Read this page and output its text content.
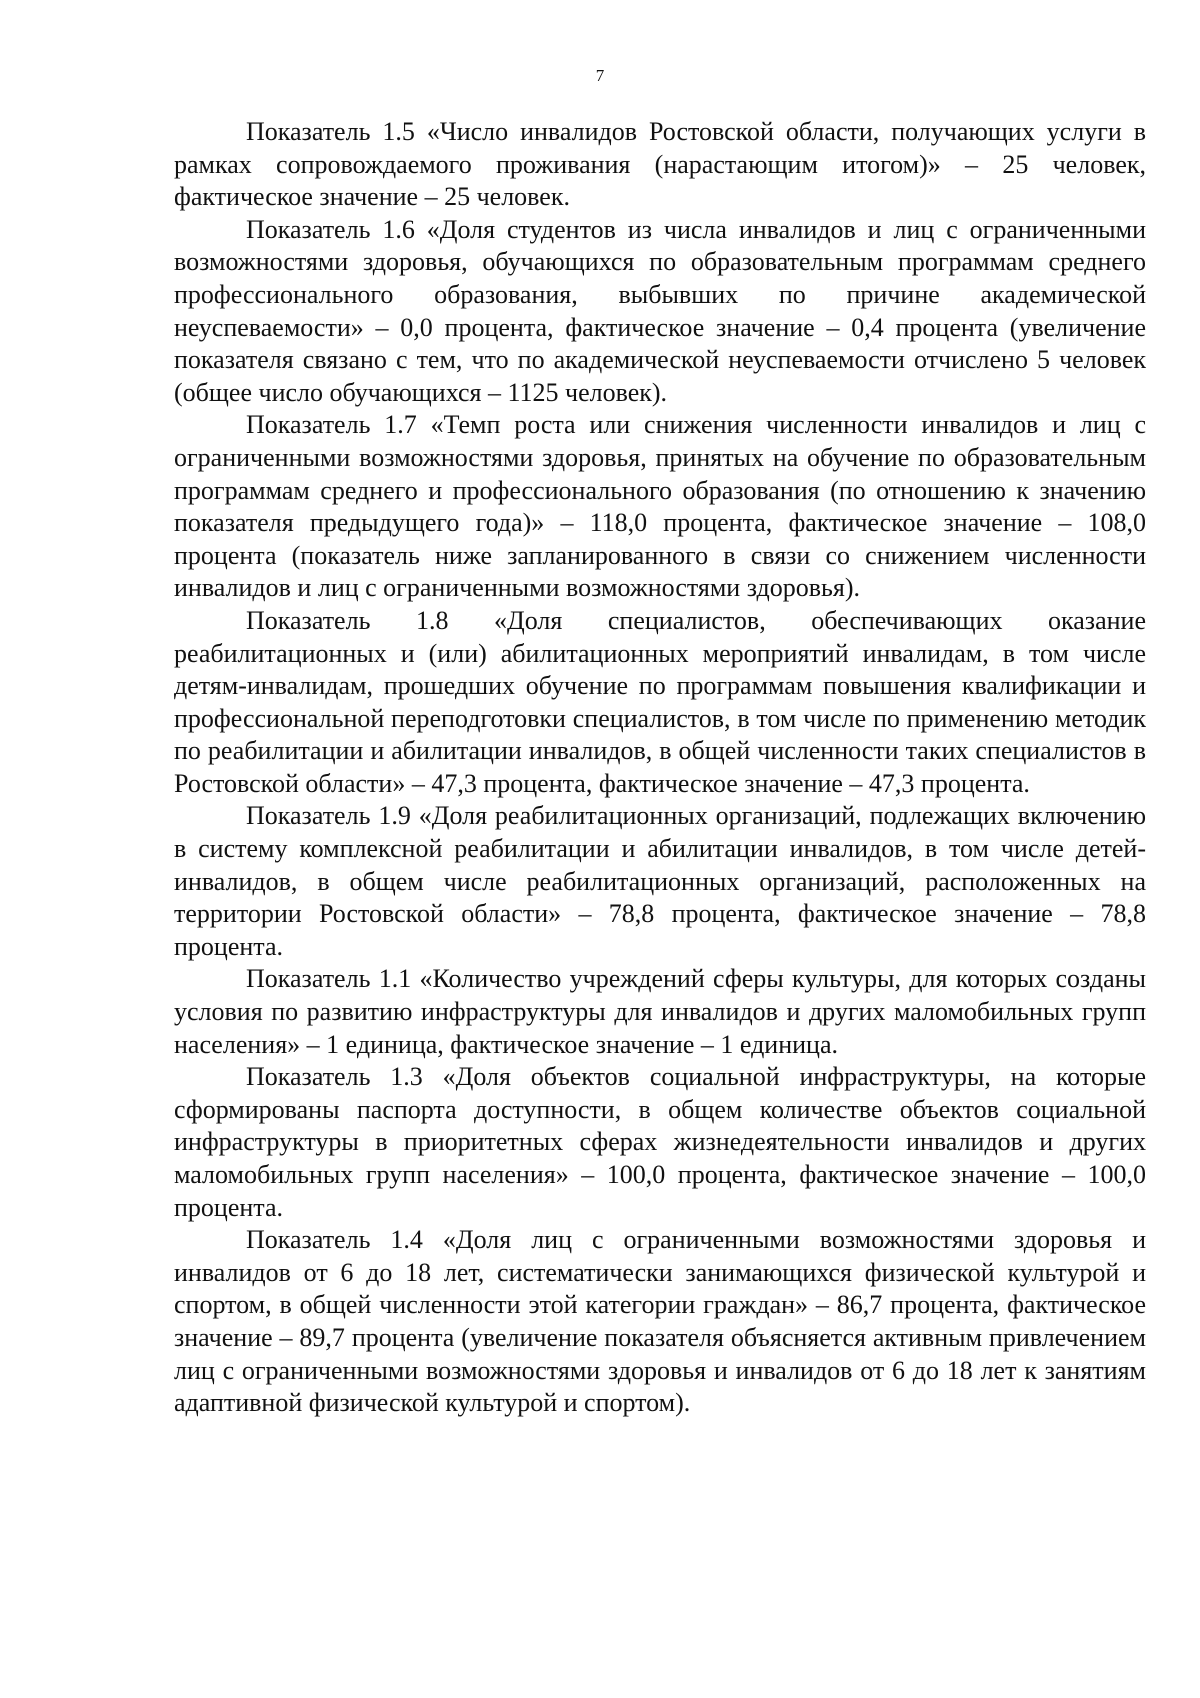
7

Показатель 1.5 «Число инвалидов Ростовской области, получающих услуги в рамках сопровождаемого проживания (нарастающим итогом)» – 25 человек, фактическое значение – 25 человек.

Показатель 1.6 «Доля студентов из числа инвалидов и лиц с ограниченными возможностями здоровья, обучающихся по образовательным программам среднего профессионального образования, выбывших по причине академической неуспеваемости» – 0,0 процента, фактическое значение – 0,4 процента (увеличение показателя связано с тем, что по академической неуспеваемости отчислено 5 человек (общее число обучающихся – 1125 человек).

Показатель 1.7 «Темп роста или снижения численности инвалидов и лиц с ограниченными возможностями здоровья, принятых на обучение по образовательным программам среднего и профессионального образования (по отношению к значению показателя предыдущего года)» – 118,0 процента, фактическое значение – 108,0 процента (показатель ниже запланированного в связи со снижением численности инвалидов и лиц с ограниченными возможностями здоровья).

Показатель 1.8 «Доля специалистов, обеспечивающих оказание реабилитационных и (или) абилитационных мероприятий инвалидам, в том числе детям-инвалидам, прошедших обучение по программам повышения квалификации и профессиональной переподготовки специалистов, в том числе по применению методик по реабилитации и абилитации инвалидов, в общей численности таких специалистов в Ростовской области» – 47,3 процента, фактическое значение – 47,3 процента.

Показатель 1.9 «Доля реабилитационных организаций, подлежащих включению в систему комплексной реабилитации и абилитации инвалидов, в том числе детей-инвалидов, в общем числе реабилитационных организаций, расположенных на территории Ростовской области» – 78,8 процента, фактическое значение – 78,8 процента.

Показатель 1.1 «Количество учреждений сферы культуры, для которых созданы условия по развитию инфраструктуры для инвалидов и других маломобильных групп населения» – 1 единица, фактическое значение – 1 единица.

Показатель 1.3 «Доля объектов социальной инфраструктуры, на которые сформированы паспорта доступности, в общем количестве объектов социальной инфраструктуры в приоритетных сферах жизнедеятельности инвалидов и других маломобильных групп населения» – 100,0 процента, фактическое значение – 100,0 процента.

Показатель 1.4 «Доля лиц с ограниченными возможностями здоровья и инвалидов от 6 до 18 лет, систематически занимающихся физической культурой и спортом, в общей численности этой категории граждан» – 86,7 процента, фактическое значение – 89,7 процента (увеличение показателя объясняется активным привлечением лиц с ограниченными возможностями здоровья и инвалидов от 6 до 18 лет к занятиям адаптивной физической культурой и спортом).
